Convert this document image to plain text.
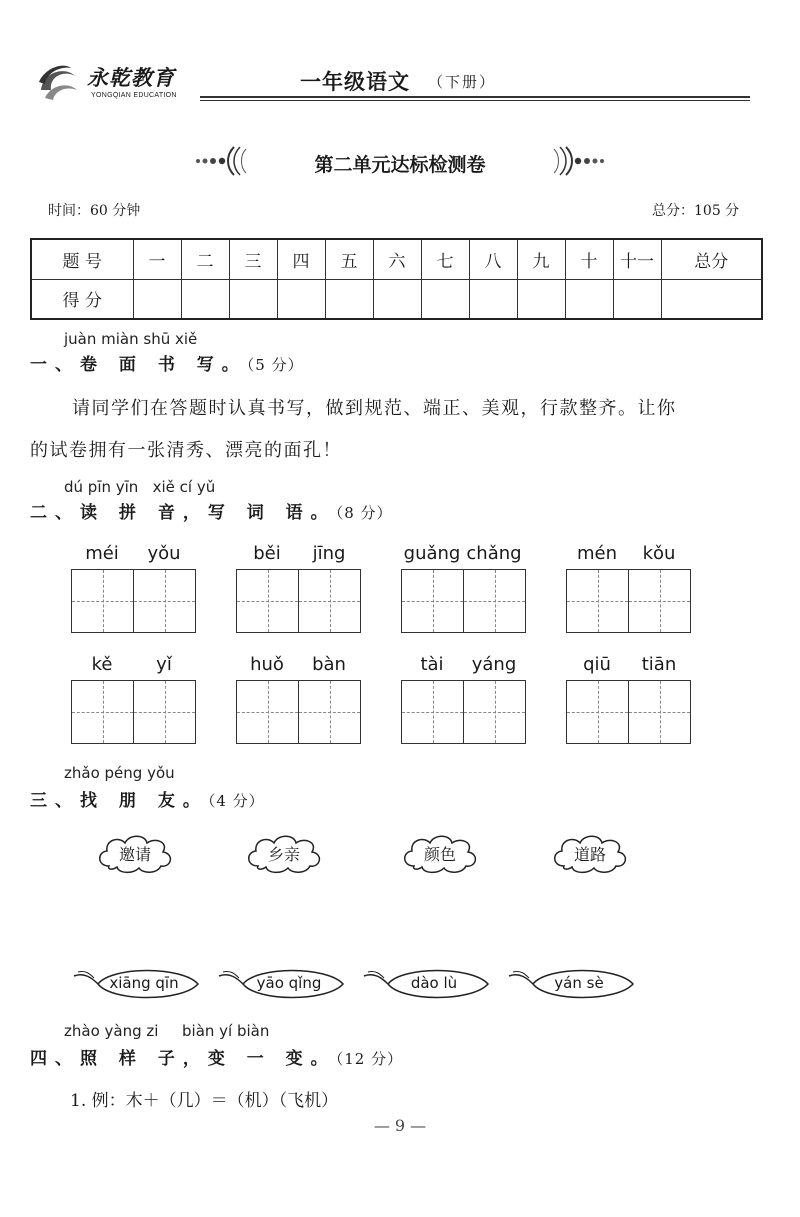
永乾教育
YONGQIAN EDUCATION
一年级语文 （下册）
第二单元达标检测卷
时间：60 分钟	总分：105 分
题 号	一	二	三	四	五	六	七	八	九	十	十一	总分
得 分												
juàn miàn shū xiě
一、卷 面 书 写。（5 分）
请同学们在答题时认真书写，做到规范、端正、美观，行款整齐。让你
的试卷拥有一张清秀、漂亮的面孔！
dú pīn yīn   xiě cí yǔ
二、读 拼 音，写 词 语。（8 分）
méi	yǒu	běi	jīng	guǎng chǎng	mén	kǒu
kě	yǐ	huǒ	bàn	tài	yáng	qiū	tiān
zhǎo péng yǒu
三、找 朋 友。（4 分）
邀请	乡亲	颜色	道路
xiāng qīn	yāo qǐng	dào lù	yán sè
zhào yàng zi biàn yí biàn
四、照 样 子，变 一 变。（12 分）
1. 例：木＋（几）＝（机）（飞机）
— 9 —
